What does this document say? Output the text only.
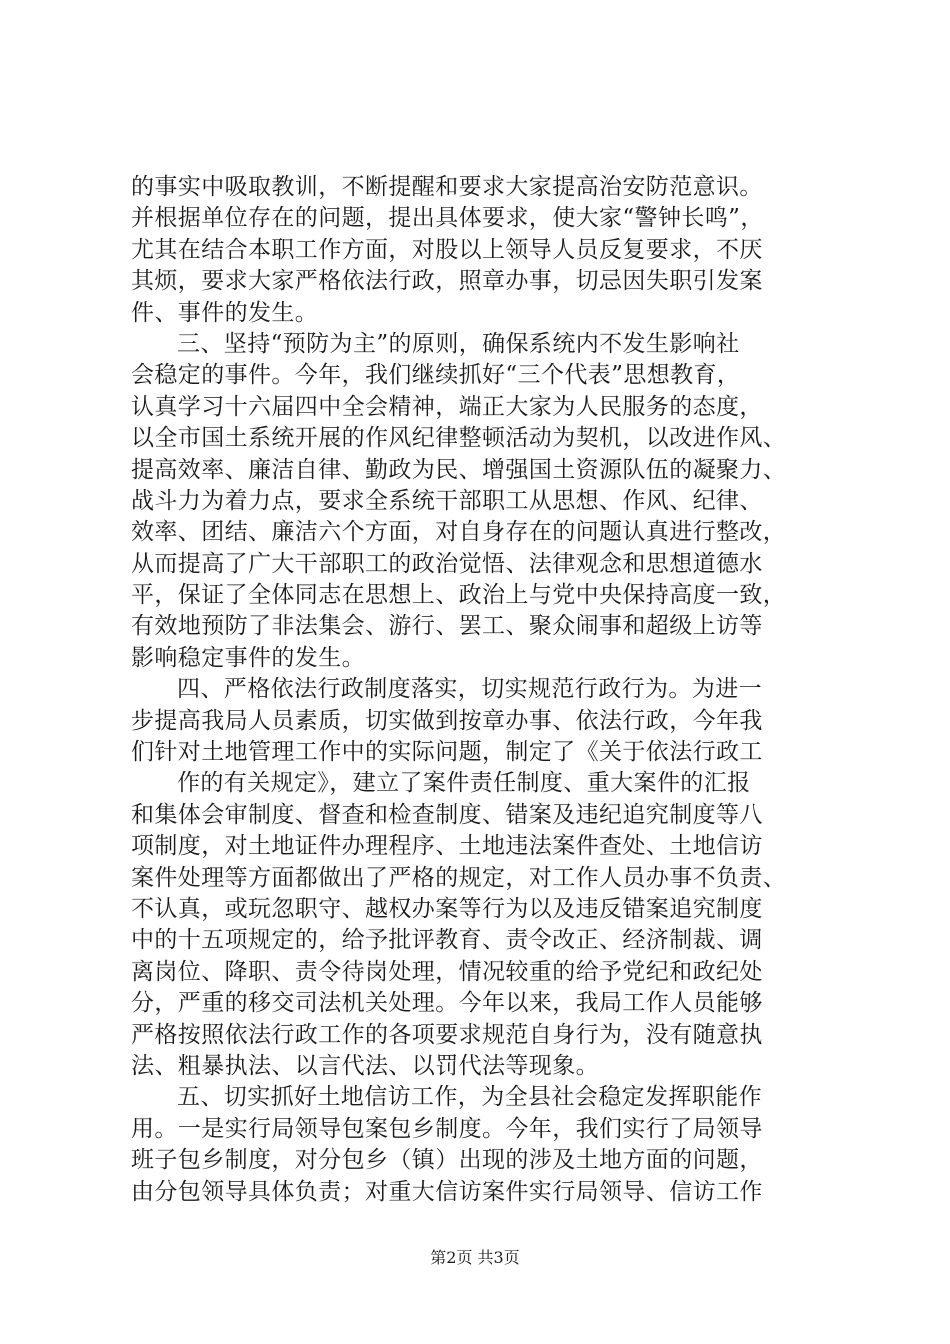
的事实中吸取教训，不断提醒和要求大家提高治安防范意识。
并根据单位存在的问题，提出具体要求，使大家“警钟长鸣”，
尤其在结合本职工作方面，对股以上领导人员反复要求，不厌
其烦，要求大家严格依法行政，照章办事，切忌因失职引发案
件、事件的发生。
三、坚持“预防为主”的原则，确保系统内不发生影响社
会稳定的事件。今年，我们继续抓好“三个代表”思想教育，
认真学习十六届四中全会精神，端正大家为人民服务的态度，
以全市国土系统开展的作风纪律整顿活动为契机，以改进作风、
提高效率、廉洁自律、勤政为民、增强国土资源队伍的凝聚力、
战斗力为着力点，要求全系统干部职工从思想、作风、纪律、
效率、团结、廉洁六个方面，对自身存在的问题认真进行整改，
从而提高了广大干部职工的政治觉悟、法律观念和思想道德水
平，保证了全体同志在思想上、政治上与党中央保持高度一致，
有效地预防了非法集会、游行、罢工、聚众闹事和超级上访等
影响稳定事件的发生。
四、严格依法行政制度落实，切实规范行政行为。为进一
步提高我局人员素质，切实做到按章办事、依法行政，今年我
们针对土地管理工作中的实际问题，制定了《关于依法行政工
作的有关规定》，建立了案件责任制度、重大案件的汇报
和集体会审制度、督查和检查制度、错案及违纪追究制度等八
项制度，对土地证件办理程序、土地违法案件查处、土地信访
案件处理等方面都做出了严格的规定，对工作人员办事不负责、
不认真，或玩忽职守、越权办案等行为以及违反错案追究制度
中的十五项规定的，给予批评教育、责令改正、经济制裁、调
离岗位、降职、责令待岗处理，情况较重的给予党纪和政纪处
分，严重的移交司法机关处理。今年以来，我局工作人员能够
严格按照依法行政工作的各项要求规范自身行为，没有随意执
法、粗暴执法、以言代法、以罚代法等现象。
五、切实抓好土地信访工作，为全县社会稳定发挥职能作
用。一是实行局领导包案包乡制度。今年，我们实行了局领导
班子包乡制度，对分包乡（镇）出现的涉及土地方面的问题，
由分包领导具体负责；对重大信访案件实行局领导、信访工作
第2页 共3页
